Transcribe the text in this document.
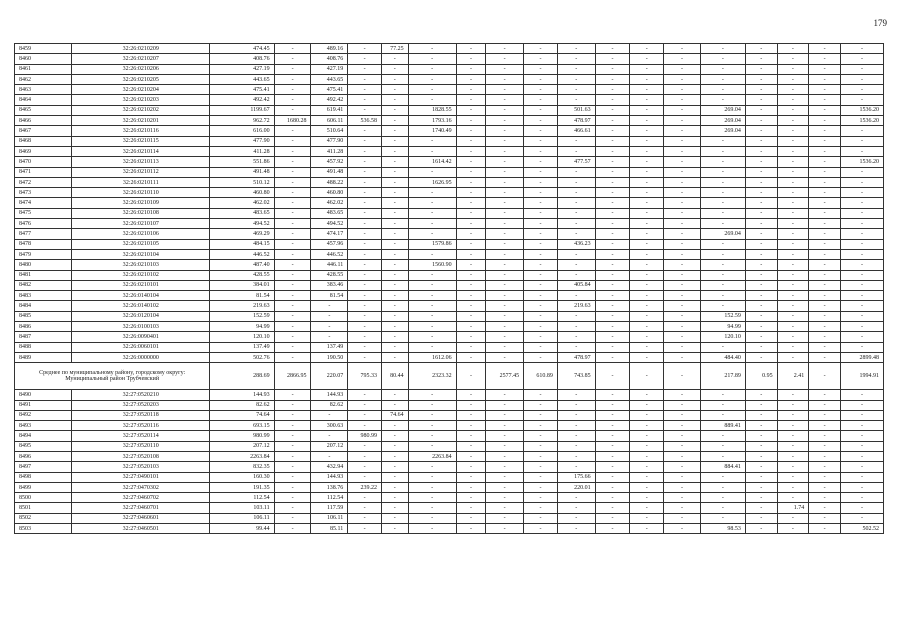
179
8459	32:26:0210209	474.45	-	489.16	-	77.25	-	-	-	-	-	-	-	-	-	-	-	-	-
8460	32:26:0210207	408.76	-	408.76	-	-	-	-	-	-	-	-	-	-	-	-	-	-	-
8461	32:26:0210206	427.19	-	427.19	-	-	-	-	-	-	-	-	-	-	-	-	-	-	-
8462	32:26:0210205	443.65	-	443.65	-	-	-	-	-	-	-	-	-	-	-	-	-	-	-
8463	32:26:0210204	475.41	-	475.41	-	-	-	-	-	-	-	-	-	-	-	-	-	-	-
8464	32:26:0210203	492.42	-	492.42	-	-	-	-	-	-	-	-	-	-	-	-	-	-	-
8465	32:26:0210202	1199.67	-	619.41	-	-	1828.55	-	-	-	501.63	-	-	-	269.04	-	-	-	1536.20
8466	32:26:0210201	962.72	1680.28	606.11	536.58	-	1793.16	-	-	-	478.97	-	-	-	269.04	-	-	-	1536.20
8467	32:26:0210116	616.00	-	510.64	-	-	1740.49	-	-	-	466.61	-	-	-	269.04	-	-	-	-
8468	32:26:0210115	477.90	-	477.90	-	-	-	-	-	-	-	-	-	-	-	-	-	-	-
8469	32:26:0210114	411.28	-	411.28	-	-	-	-	-	-	-	-	-	-	-	-	-	-	-
8470	32:26:0210113	551.86	-	457.92	-	-	1614.42	-	-	-	477.57	-	-	-	-	-	-	-	1536.20
8471	32:26:0210112	491.48	-	491.48	-	-	-	-	-	-	-	-	-	-	-	-	-	-	-
8472	32:26:0210111	510.12	-	488.22	-	-	1626.95	-	-	-	-	-	-	-	-	-	-	-	-
8473	32:26:0210110	460.80	-	460.80	-	-	-	-	-	-	-	-	-	-	-	-	-	-	-
8474	32:26:0210109	462.02	-	462.02	-	-	-	-	-	-	-	-	-	-	-	-	-	-	-
8475	32:26:0210108	483.65	-	483.65	-	-	-	-	-	-	-	-	-	-	-	-	-	-	-
8476	32:26:0210107	494.52	-	494.52	-	-	-	-	-	-	-	-	-	-	-	-	-	-	-
8477	32:26:0210106	469.29	-	474.17	-	-	-	-	-	-	-	-	-	-	269.04	-	-	-	-
8478	32:26:0210105	484.15	-	457.96	-	-	1579.86	-	-	-	436.23	-	-	-	-	-	-	-	-
8479	32:26:0210104	446.52	-	446.52	-	-	-	-	-	-	-	-	-	-	-	-	-	-	-
8480	32:26:0210103	487.40	-	446.11	-	-	1560.90	-	-	-	-	-	-	-	-	-	-	-	-
8481	32:26:0210102	428.55	-	428.55	-	-	-	-	-	-	-	-	-	-	-	-	-	-	-
8482	32:26:0210101	384.01	-	383.46	-	-	-	-	-	-	405.84	-	-	-	-	-	-	-	-
8483	32:26:0140104	81.54	-	81.54	-	-	-	-	-	-	-	-	-	-	-	-	-	-	-
8484	32:26:0140102	219.63	-	-	-	-	-	-	-	-	219.63	-	-	-	-	-	-	-	-
8485	32:26:0120104	152.59	-	-	-	-	-	-	-	-	-	-	-	-	152.59	-	-	-	-
8486	32:26:0100103	94.99	-	-	-	-	-	-	-	-	-	-	-	-	94.99	-	-	-	-
8487	32:26:0090401	120.10	-	-	-	-	-	-	-	-	-	-	-	-	120.10	-	-	-	-
8488	32:26:0060101	137.49	-	137.49	-	-	-	-	-	-	-	-	-	-	-	-	-	-	-
8489	32:26:0000000	502.76	-	190.50	-	-	1612.06	-	-	-	478.97	-	-	-	484.40	-	-	-	2899.48
Среднее по муниципальному району, городскому округу: Муниципальный район Трубчевский		288.69	2866.95	220.07	795.33	80.44	2323.32	-	2577.45	610.89	743.85	-	-	-	217.89	0.95	2.41	-	1994.91
8490	32:27:0520210	144.93	-	144.93	-	-	-	-	-	-	-	-	-	-	-	-	-	-	-
8491	32:27:0520203	82.62	-	82.62	-	-	-	-	-	-	-	-	-	-	-	-	-	-	-
8492	32:27:0520118	74.64	-	-	-	74.64	-	-	-	-	-	-	-	-	-	-	-	-	-
8493	32:27:0520116	693.15	-	300.63	-	-	-	-	-	-	-	-	-	-	889.41	-	-	-	-
8494	32:27:0520114	980.99	-	-	980.99	-	-	-	-	-	-	-	-	-	-	-	-	-	-
8495	32:27:0520110	207.12	-	207.12	-	-	-	-	-	-	-	-	-	-	-	-	-	-	-
8496	32:27:0520108	2263.84	-	-	-	-	2263.84	-	-	-	-	-	-	-	-	-	-	-	-
8497	32:27:0520103	832.35	-	432.94	-	-	-	-	-	-	-	-	-	-	884.41	-	-	-	-
8498	32:27:0490101	160.30	-	144.93	-	-	-	-	-	-	175.66	-	-	-	-	-	-	-	-
8499	32:27:0470302	191.35	-	138.76	239.22	-	-	-	-	-	220.01	-	-	-	-	-	-	-	-
8500	32:27:0460702	112.54	-	112.54	-	-	-	-	-	-	-	-	-	-	-	-	-	-	-
8501	32:27:0460701	103.11	-	117.59	-	-	-	-	-	-	-	-	-	-	-	-	1.74	-	-
8502	32:27:0460601	106.11	-	106.11	-	-	-	-	-	-	-	-	-	-	-	-	-	-	-
8503	32:27:0460501	99.44	-	85.11	-	-	-	-	-	-	-	-	-	-	98.53	-	-	-	502.52
